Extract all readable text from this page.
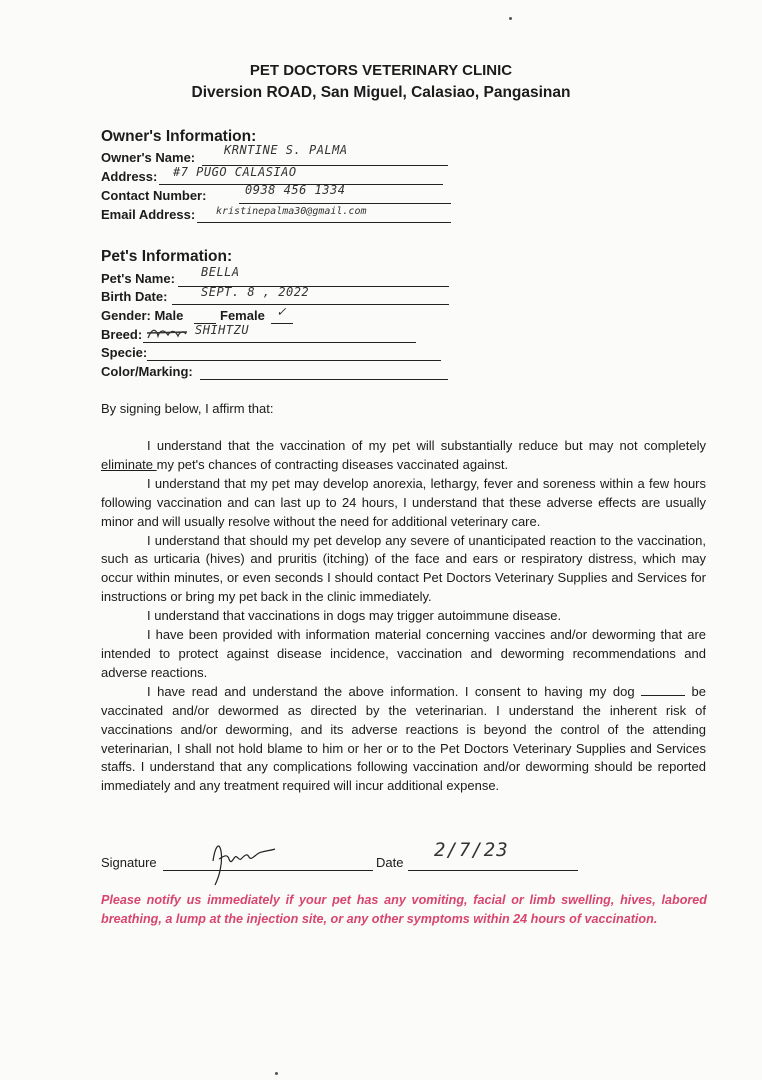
PET DOCTORS VETERINARY CLINIC
Diversion ROAD, San Miguel, Calasiao, Pangasinan
Owner's Information:
Owner's Name: KRNTINE S. PALMA
Address: #7 PUGO CALASIAO
Contact Number:	0938 456 1334
Email Address: kristinepalma30@gmail.com
Pet's Information:
Pet's Name: BELLA
Birth Date:	SEPT. 8 , 2022
Gender: Male	Female ✓
Breed:	SHIHTZU
Specie:
Color/Marking:
By signing below, I affirm that:

I understand that the vaccination of my pet will substantially reduce but may not completely eliminate my pet's chances of contracting diseases vaccinated against.

I understand that my pet may develop anorexia, lethargy, fever and soreness within a few hours following vaccination and can last up to 24 hours, I understand that these adverse effects are usually minor and will usually resolve without the need for additional veterinary care.

I understand that should my pet develop any severe of unanticipated reaction to the vaccination, such as urticaria (hives) and pruritis (itching) of the face and ears or respiratory distress, which may occur within minutes, or even seconds I should contact Pet Doctors Veterinary Supplies and Services for instructions or bring my pet back in the clinic immediately.

I understand that vaccinations in dogs may trigger autoimmune disease.

I have been provided with information material concerning vaccines and/or deworming that are intended to protect against disease incidence, vaccination and deworming recommendations and adverse reactions.

I have read and understand the above information. I consent to having my dog	be vaccinated and/or dewormed as directed by the veterinarian. I understand the inherent risk of vaccinations and/or deworming, and its adverse reactions is beyond the control of the attending veterinarian, I shall not hold blame to him or her or to the Pet Doctors Veterinary Supplies and Services staffs. I understand that any complications following vaccination and/or deworming should be reported immediately and any treatment required will incur additional expense.

Signature	Date
2/7/23
Please notify us immediately if your pet has any vomiting, facial or limb swelling, hives, labored breathing, a lump at the injection site, or any other symptoms within 24 hours of vaccination.
